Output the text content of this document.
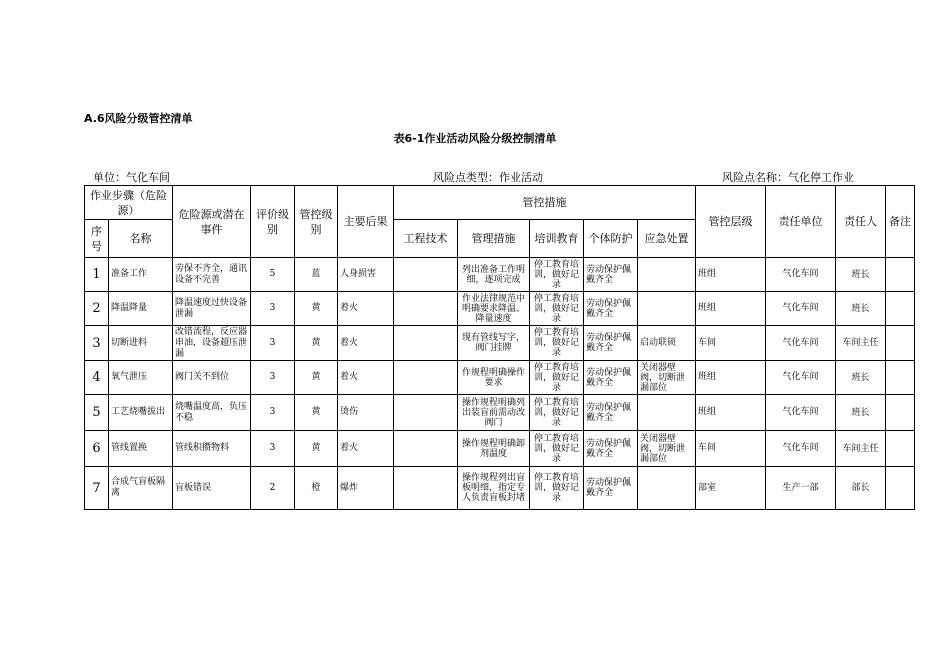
A.6风险分级管控清单
表6-1作业活动风险分级控制清单
单位：气化车间	风险点类型：作业活动	风险点名称：气化停工作业
作业步骤（危险源）		危险源或潜在事件	评价级别	管控级别	主要后果	管控措施					管控层级	责任单位	责任人	备注
序号	名称					工程技术	管理措施	培训教育	个体防护	应急处置				
1	准备工作	劳保不齐全，通讯设备不完善	5	蓝	人身损害		列出准备工作明细，逐项完成	停工教育培训，做好记录	劳动保护佩戴齐全		班组	气化车间	班长	
2	降温降量	降温速度过快设备泄漏	3	黄	着火		作业法律规范中明确要求降温、降量速度	停工教育培训，做好记录	劳动保护佩戴齐全		班组	气化车间	班长	
3	切断进料	改错流程，反应器串油，设备超压泄漏	3	黄	着火		现有管线写字，阀门挂牌	停工教育培训，做好记录	劳动保护佩戴齐全	启动联锁	车间	气化车间	车间主任	
4	氧气泄压	阀门关不到位	3	黄	着火		作规程明确操作要求	停工教育培训，做好记录	劳动保护佩戴齐全	关闭器壁阀，切断泄漏部位	班组	气化车间	班长	
5	工艺烧嘴拔出	烧嘴温度高，负压不稳	3	黄	烫伤		操作规程明确列出装盲前需动改阀门	停工教育培训，做好记录	劳动保护佩戴齐全		班组	气化车间	班长	
6	管线置换	管线积攒物料	3	黄	着火		操作规程明确卸剂温度	停工教育培训，做好记录	劳动保护佩戴齐全	关闭器壁阀，切断泄漏部位	车间	气化车间	车间主任	
7	合成气盲板隔离	盲板错误	2	橙	爆炸		操作规程列出盲板明细，指定专人负责盲板封堵	停工教育培训，做好记录	劳动保护佩戴齐全		部室	生产一部	部长	
